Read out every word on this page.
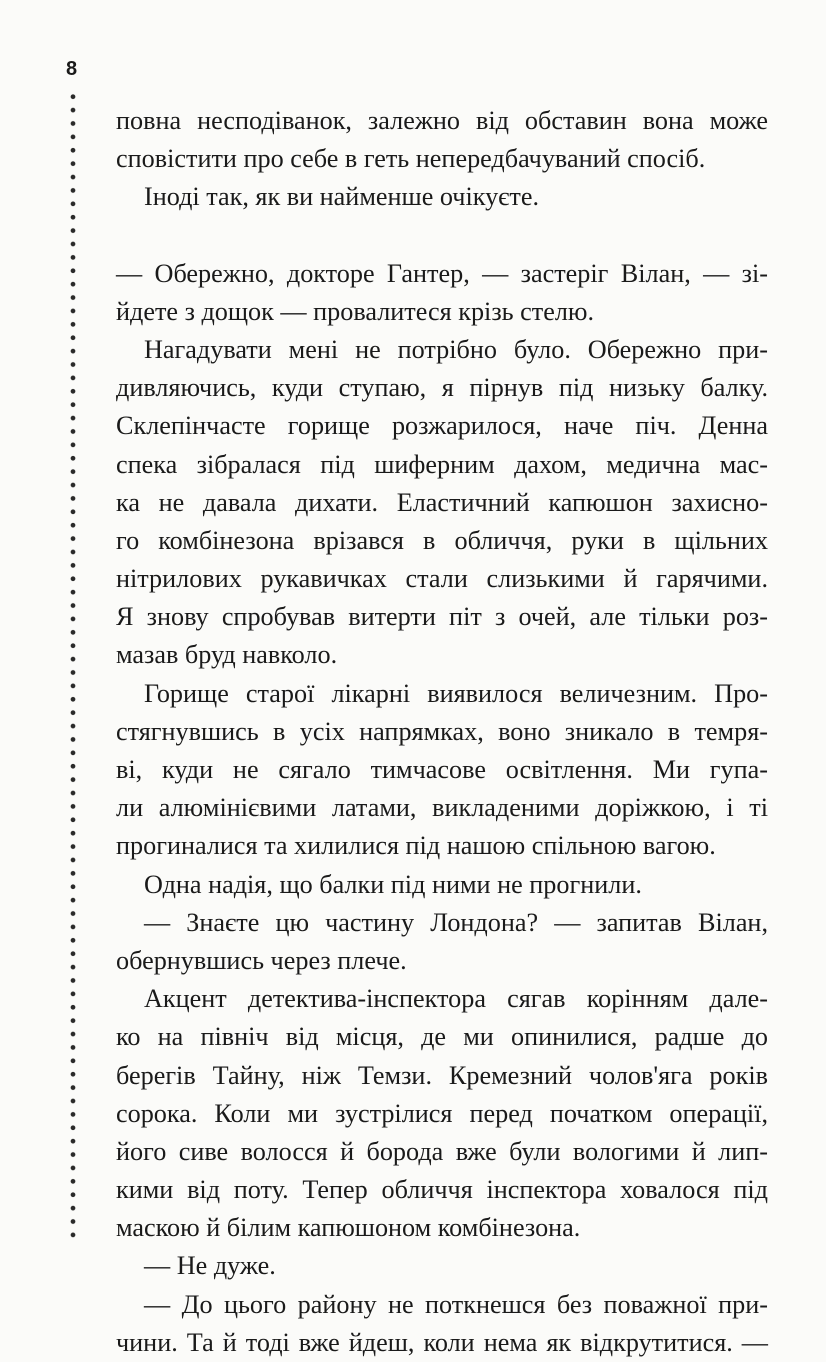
8
повна несподіванок, залежно від обставин вона може
сповістити про себе в геть непередбачуваний спосіб.
Іноді так, як ви найменше очікуєте.
— Обережно, докторе Гантер, — застеріг Вілан, — зі-
йдете з дощок — провалитеся крізь стелю.
Нагадувати мені не потрібно було. Обережно при-
дивляючись, куди ступаю, я пірнув під низьку балку.
Склепінчасте горище розжарилося, наче піч. Денна
спека зібралася під шиферним дахом, медична мас-
ка не давала дихати. Еластичний капюшон захисно-
го комбінезона врізався в обличчя, руки в щільних
нітрилових рукавичках стали слизькими й гарячими.
Я знову спробував витерти піт з очей, але тільки роз-
мазав бруд навколо.
Горище старої лікарні виявилося величезним. Про-
стягнувшись в усіх напрямках, воно зникало в темря-
ві, куди не сягало тимчасове освітлення. Ми гупа-
ли алюмінієвими латами, викладеними доріжкою, і ті
прогиналися та хилилися під нашою спільною вагою.
Одна надія, що балки під ними не прогнили.
— Знаєте цю частину Лондона? — запитав Вілан,
обернувшись через плече.
Акцент детектива-інспектора сягав корінням дале-
ко на північ від місця, де ми опинилися, радше до
берегів Тайну, ніж Темзи. Кремезний чолов'яга років
сорока. Коли ми зустрілися перед початком операції,
його сиве волосся й борода вже були вологими й лип-
кими від поту. Тепер обличчя інспектора ховалося під
маскою й білим капюшоном комбінезона.
— Не дуже.
— До цього району не поткнешся без поважної при-
чини. Та й тоді вже йдеш, коли нема як відкрутитися. —
